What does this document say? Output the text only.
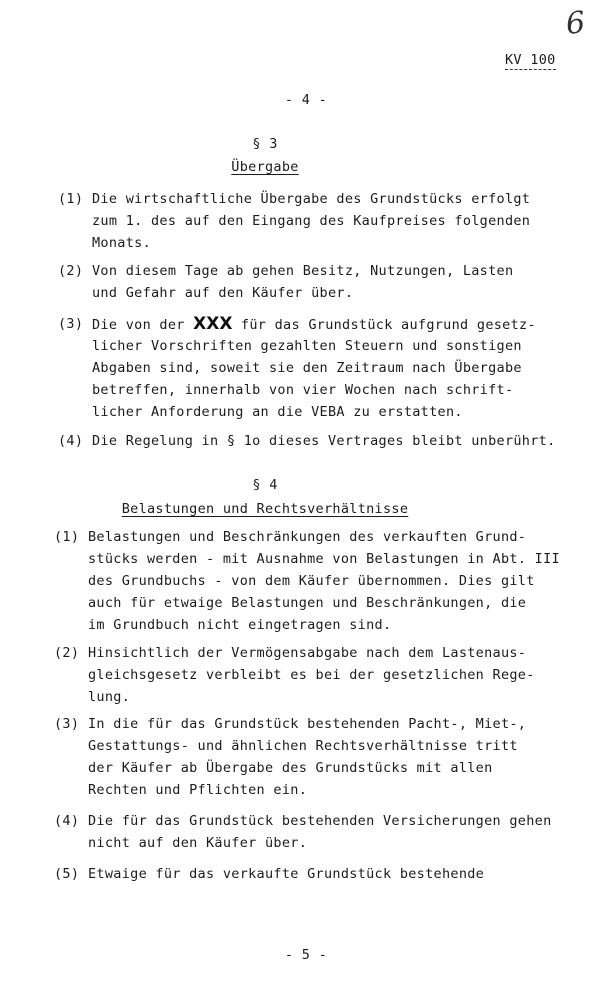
6
KV 100
- 4 -
§ 3
Übergabe
(1) Die wirtschaftliche Übergabe des Grundstücks erfolgt
zum 1. des auf den Eingang des Kaufpreises folgenden
Monats.
(2) Von diesem Tage ab gehen Besitz, Nutzungen, Lasten
und Gefahr auf den Käufer über.
(3) Die von der XXX für das Grundstück aufgrund gesetz-
licher Vorschriften gezahlten Steuern und sonstigen
Abgaben sind, soweit sie den Zeitraum nach Übergabe
betreffen, innerhalb von vier Wochen nach schrift-
licher Anforderung an die VEBA zu erstatten.
(4) Die Regelung in § 1o dieses Vertrages bleibt unberührt.
§ 4
Belastungen und Rechtsverhältnisse
(1) Belastungen und Beschränkungen des verkauften Grund-
stücks werden - mit Ausnahme von Belastungen in Abt. III
des Grundbuchs - von dem Käufer übernommen. Dies gilt
auch für etwaige Belastungen und Beschränkungen, die
im Grundbuch nicht eingetragen sind.
(2) Hinsichtlich der Vermögensabgabe nach dem Lastenaus-
gleichsgesetz verbleibt es bei der gesetzlichen Rege-
lung.
(3) In die für das Grundstück bestehenden Pacht-, Miet-,
Gestattungs- und ähnlichen Rechtsverhältnisse tritt
der Käufer ab Übergabe des Grundstücks mit allen
Rechten und Pflichten ein.
(4) Die für das Grundstück bestehenden Versicherungen gehen
nicht auf den Käufer über.
(5) Etwaige für das verkaufte Grundstück bestehende
- 5 -
